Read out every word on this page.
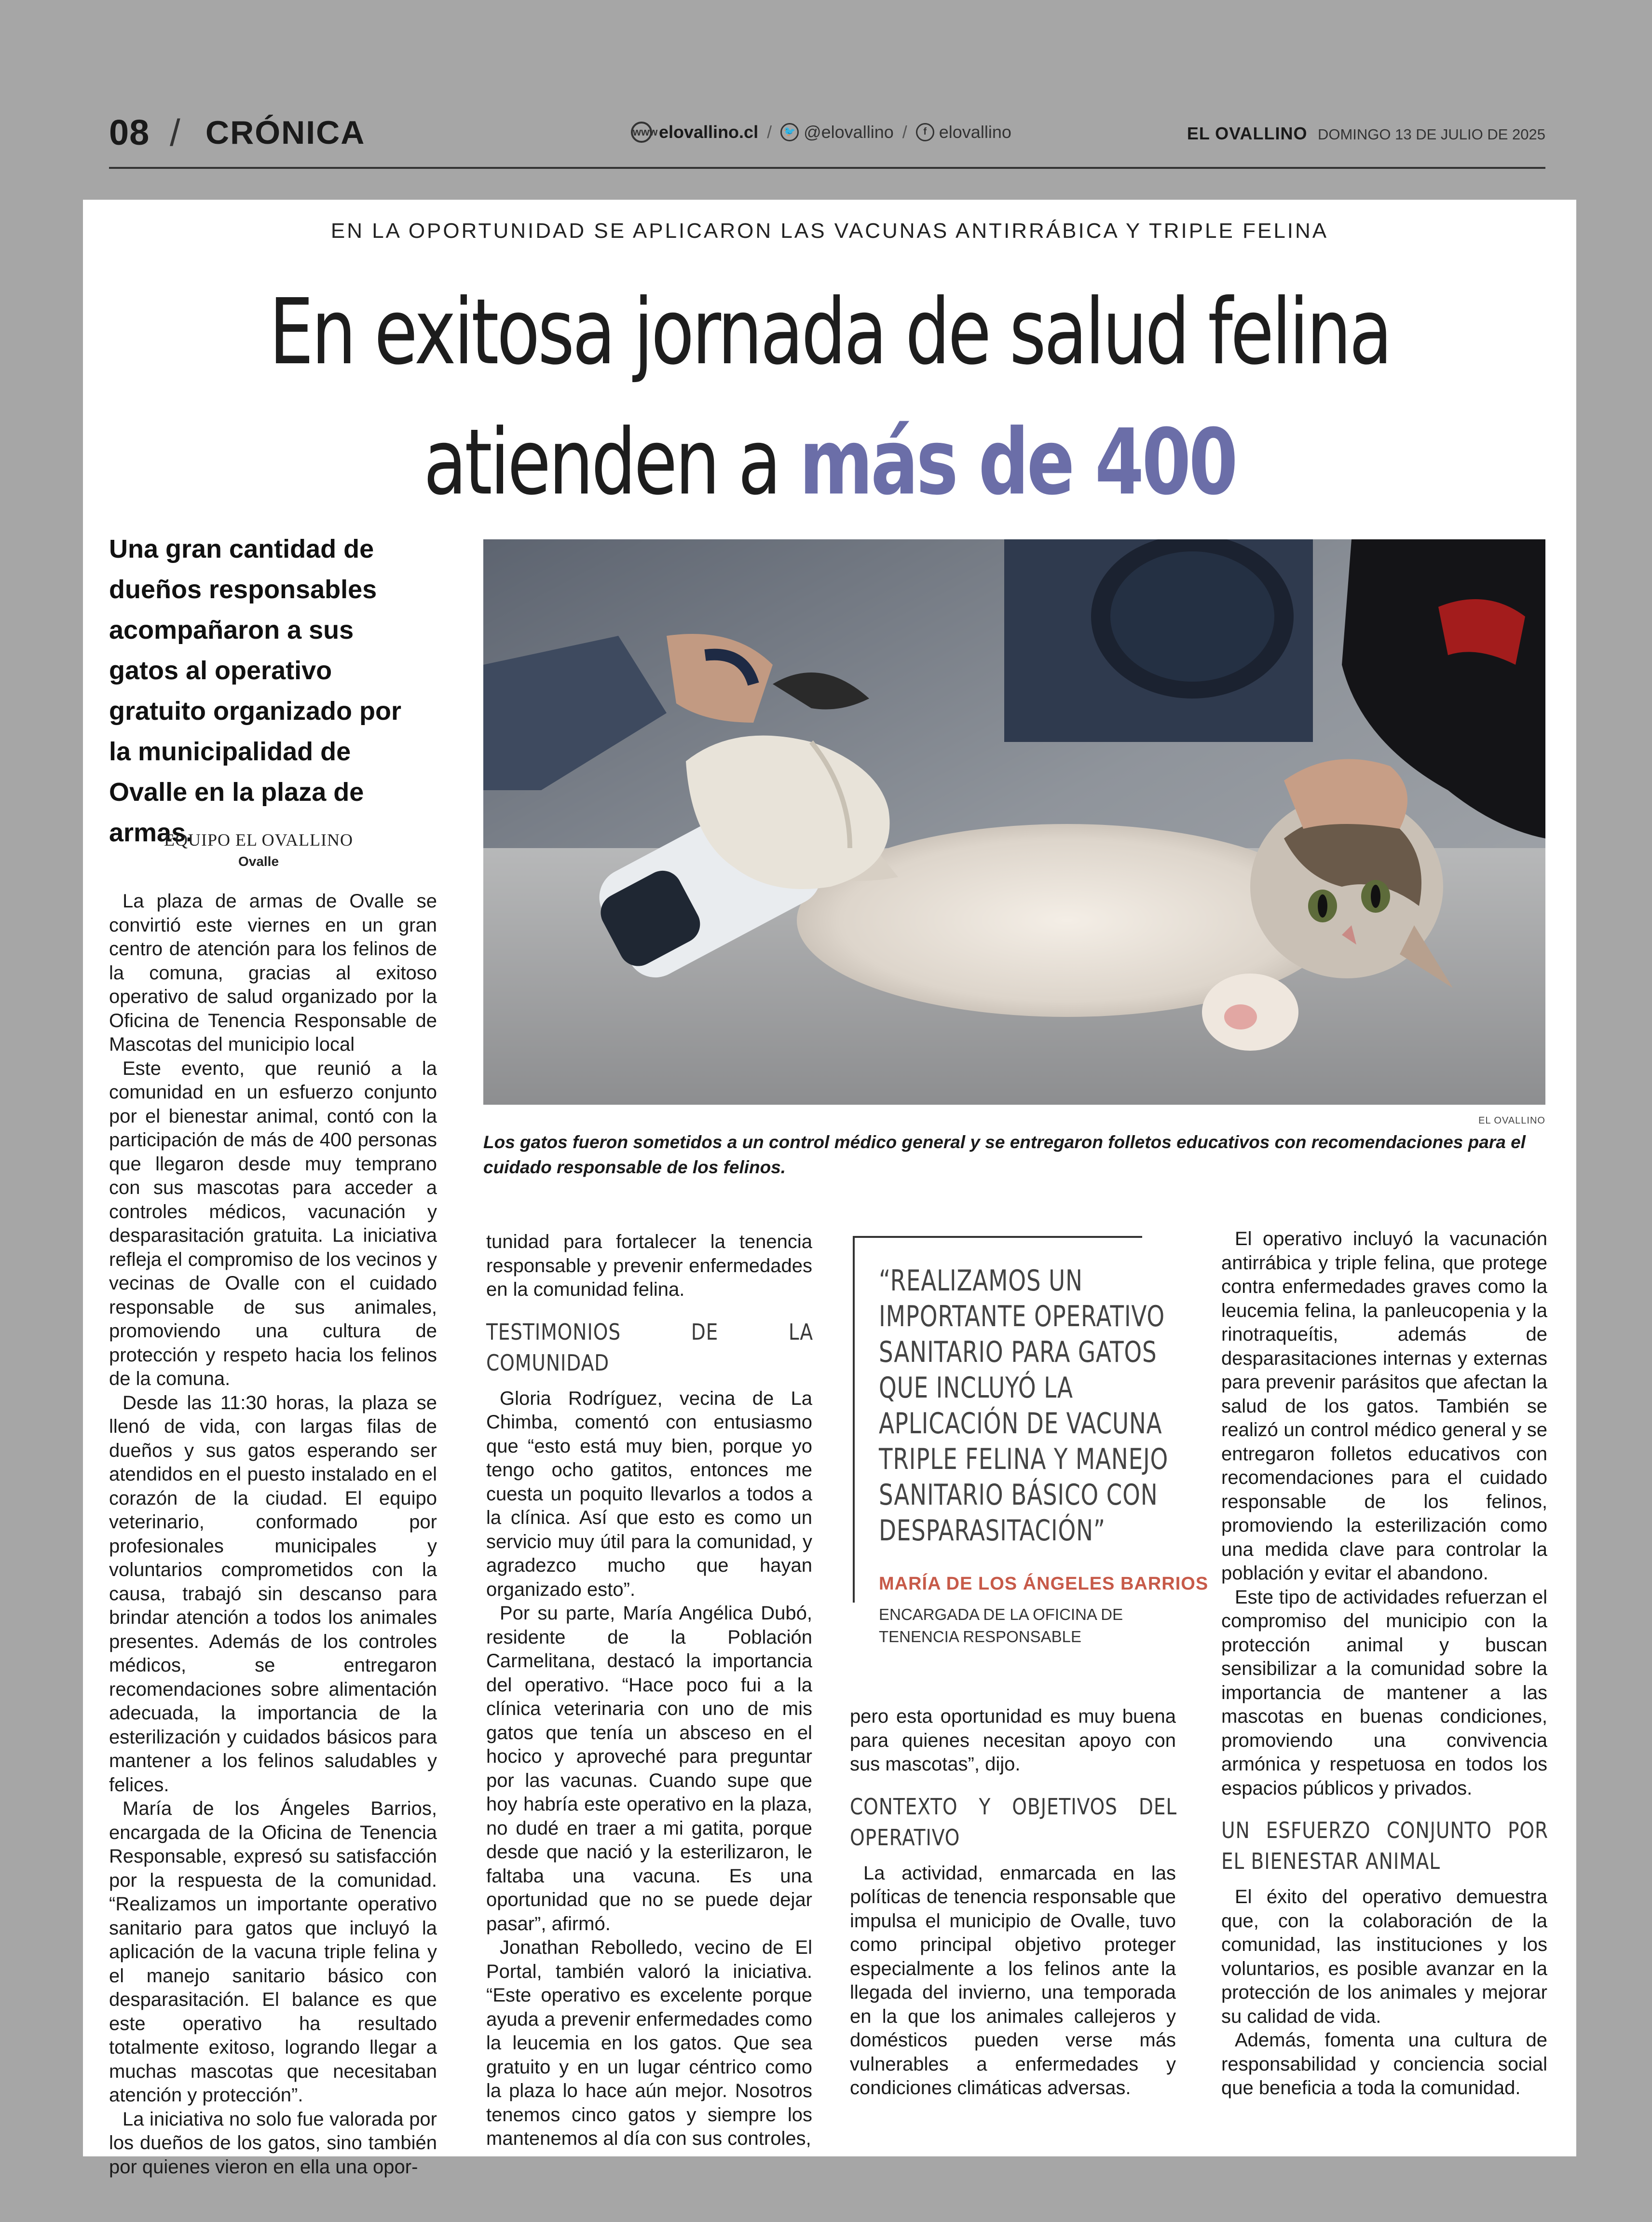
08 / CRÓNICA	www elovallino.cl /	🐦 @elovallino /	f elovallino	EL OVALLINO DOMINGO 13 DE JULIO DE 2025
EN LA OPORTUNIDAD SE APLICARON LAS VACUNAS ANTIRRÁBICA Y TRIPLE FELINA
En exitosa jornada de salud felina
atienden a más de 400
Una gran cantidad de dueños responsables acompañaron a sus gatos al operativo gratuito organizado por la municipalidad de Ovalle en la plaza de armas.
EL OVALLINO
Los gatos fueron sometidos a un control médico general y se entregaron folletos educativos con recomendaciones para el cuidado responsable de los felinos.
EQUIPO EL OVALLINO
Ovalle

La plaza de armas de Ovalle se convirtió este viernes en un gran centro de atención para los felinos de la comuna, gracias al exitoso operativo de salud organizado por la Oficina de Tenencia Responsable de Mascotas del municipio local

Este evento, que reunió a la comunidad en un esfuerzo conjunto por el bienestar animal, contó con la participación de más de 400 personas que llegaron desde muy temprano con sus mascotas para acceder a controles médicos, vacunación y desparasitación gratuita. La iniciativa refleja el compromiso de los vecinos y vecinas de Ovalle con el cuidado responsable de sus animales, promoviendo una cultura de protección y respeto hacia los felinos de la comuna.

Desde las 11:30 horas, la plaza se llenó de vida, con largas filas de dueños y sus gatos esperando ser atendidos en el puesto instalado en el corazón de la ciudad. El equipo veterinario, conformado por profesionales municipales y voluntarios comprometidos con la causa, trabajó sin descanso para brindar atención a todos los animales presentes. Además de los controles médicos, se entregaron recomendaciones sobre alimentación adecuada, la importancia de la esterilización y cuidados básicos para mantener a los felinos saludables y felices.

María de los Ángeles Barrios, encargada de la Oficina de Tenencia Responsable, expresó su satisfacción por la respuesta de la comunidad. “Realizamos un importante operativo sanitario para gatos que incluyó la aplicación de la vacuna triple felina y el manejo sanitario básico con desparasitación. El balance es que este operativo ha resultado totalmente exitoso, logrando llegar a muchas mascotas que necesitaban atención y protección”.

La iniciativa no solo fue valorada por los dueños de los gatos, sino también por quienes vieron en ella una opor-

tunidad para fortalecer la tenencia responsable y prevenir enfermedades en la comunidad felina.

TESTIMONIOS DE LA COMUNIDAD

Gloria Rodríguez, vecina de La Chimba, comentó con entusiasmo que “esto está muy bien, porque yo tengo ocho gatitos, entonces me cuesta un poquito llevarlos a todos a la clínica. Así que esto es como un servicio muy útil para la comunidad, y agradezco mucho que hayan organizado esto”.

Por su parte, María Angélica Dubó, residente de la Población Carmelitana, destacó la importancia del operativo. “Hace poco fui a la clínica veterinaria con uno de mis gatos que tenía un absceso en el hocico y aproveché para preguntar por las vacunas. Cuando supe que hoy habría este operativo en la plaza, no dudé en traer a mi gatita, porque desde que nació y la esterilizaron, le faltaba una vacuna. Es una oportunidad que no se puede dejar pasar”, afirmó.

Jonathan Rebolledo, vecino de El Portal, también valoró la iniciativa. “Este operativo es excelente porque ayuda a prevenir enfermedades como la leucemia en los gatos. Que sea gratuito y en un lugar céntrico como la plaza lo hace aún mejor. Nosotros tenemos cinco gatos y siempre los mantenemos al día con sus controles,

“REALIZAMOS UN IMPORTANTE OPERATIVO SANITARIO PARA GATOS QUE INCLUYÓ LA APLICACIÓN DE VACUNA TRIPLE FELINA Y MANEJO SANITARIO BÁSICO CON DESPARASITACIÓN”
MARÍA DE LOS ÁNGELES BARRIOS
ENCARGADA DE LA OFICINA DE TENENCIA RESPONSABLE

pero esta oportunidad es muy buena para quienes necesitan apoyo con sus mascotas”, dijo.

CONTEXTO Y OBJETIVOS DEL OPERATIVO

La actividad, enmarcada en las políticas de tenencia responsable que impulsa el municipio de Ovalle, tuvo como principal objetivo proteger especialmente a los felinos ante la llegada del invierno, una temporada en la que los animales callejeros y domésticos pueden verse más vulnerables a enfermedades y condiciones climáticas adversas.

El operativo incluyó la vacunación antirrábica y triple felina, que protege contra enfermedades graves como la leucemia felina, la panleucopenia y la rinotraqueítis, además de desparasitaciones internas y externas para prevenir parásitos que afectan la salud de los gatos. También se realizó un control médico general y se entregaron folletos educativos con recomendaciones para el cuidado responsable de los felinos, promoviendo la esterilización como una medida clave para controlar la población y evitar el abandono.

Este tipo de actividades refuerzan el compromiso del municipio con la protección animal y buscan sensibilizar a la comunidad sobre la importancia de mantener a las mascotas en buenas condiciones, promoviendo una convivencia armónica y respetuosa en todos los espacios públicos y privados.

UN ESFUERZO CONJUNTO POR EL BIENESTAR ANIMAL

El éxito del operativo demuestra que, con la colaboración de la comunidad, las instituciones y los voluntarios, es posible avanzar en la protección de los animales y mejorar su calidad de vida.

Además, fomenta una cultura de responsabilidad y conciencia social que beneficia a toda la comunidad.
